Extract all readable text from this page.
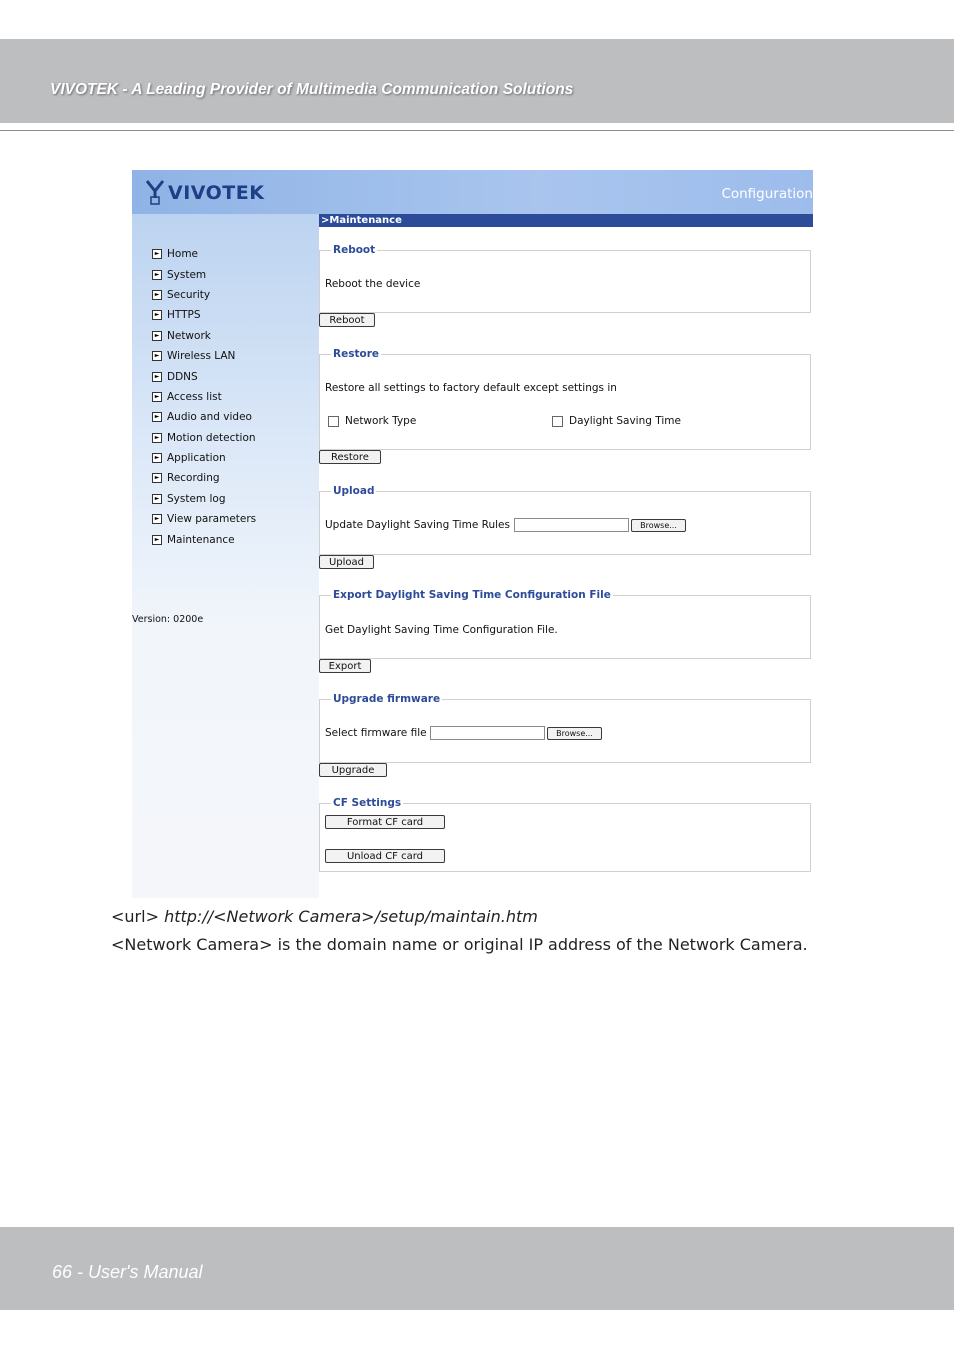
VIVOTEK - A Leading Provider of Multimedia Communication Solutions
VIVOTEK	Configuration
► Home
► System
► Security
► HTTPS
► Network
► Wireless LAN
► DDNS
► Access list
► Audio and video
► Motion detection
► Application
► Recording
► System log
► View parameters
► Maintenance
Version: 0200e
>Maintenance
Reboot
Reboot the device
Reboot
Restore
Restore all settings to factory default except settings in
Network Type	Daylight Saving Time
Restore
Upload
Update Daylight Saving Time Rules	Browse...
Upload
Export Daylight Saving Time Configuration File
Get Daylight Saving Time Configuration File.
Export
Upgrade firmware
Select firmware file	Browse...
Upgrade
CF Settings
Format CF card
Unload CF card
<url> http://<Network Camera>/setup/maintain.htm
<Network Camera> is the domain name or original IP address of the Network Camera.
66 - User's Manual
